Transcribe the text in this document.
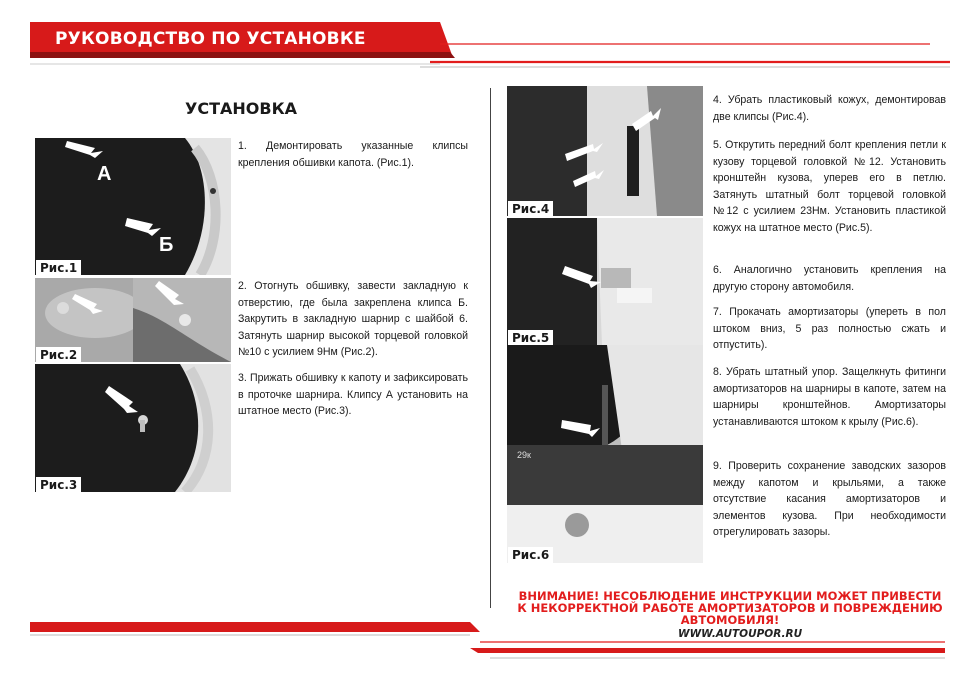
РУКОВОДСТВО ПО УСТАНОВКЕ
УСТАНОВКА
А
Б
Рис.1
Рис.2
Рис.3
1. Демонтировать указанные клипсы крепления обшивки капота. (Рис.1).
2. Отогнуть обшивку, завести закладную к отверстию, где была закреплена клипса Б. Закрутить в закладную шарнир с шайбой 6. Затянуть шарнир высокой торцевой головкой №10 с усилием 9Нм (Рис.2).
3. Прижать обшивку к капоту и зафиксировать в проточке шарнира. Клипсу А установить на штатное место (Рис.3).
Рис.4
Рис.5
29к
Рис.6
4. Убрать пластиковый кожух, демонтировав две клипсы (Рис.4).
5. Открутить передний болт крепления петли к кузову торцевой головкой №12. Установить кронштейн кузова, уперев его в петлю. Затянуть штатный болт торцевой головкой №12 с усилием 23Нм. Установить пластикой кожух на штатное место (Рис.5).
6. Аналогично установить крепления на другую сторону автомобиля.
7. Прокачать амортизаторы (упереть в пол штоком вниз, 5 раз полностью сжать и отпустить).
8. Убрать штатный упор. Защелкнуть фитинги амортизаторов на шарниры в капоте, затем на шарниры кронштейнов. Амортизаторы устанавливаются штоком к крылу (Рис.6).
9. Проверить сохранение заводских зазоров между капотом и крыльями, а также отсутствие касания амортизаторов и элементов кузова. При необходимости отрегулировать зазоры.
ВНИМАНИЕ! НЕСОБЛЮДЕНИЕ ИНСТРУКЦИИ МОЖЕТ ПРИВЕСТИ К НЕКОРРЕКТНОЙ РАБОТЕ АМОРТИЗАТОРОВ И ПОВРЕЖДЕНИЮ АВТОМОБИЛЯ!
WWW.AUTOUPOR.RU
